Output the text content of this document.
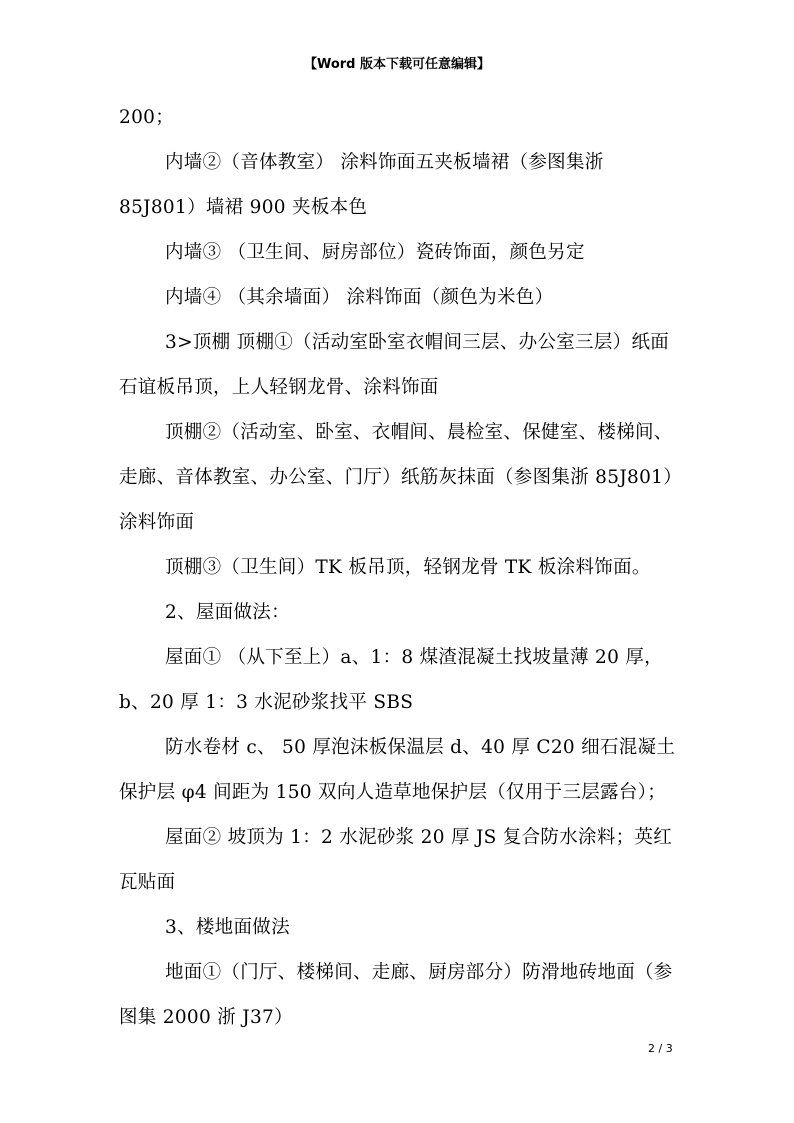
【Word 版本下载可任意编辑】

200；

内墙②（音体教室） 涂料饰面五夹板墙裙（参图集浙 85J801）墙裙 900 夹板本色

内墙③ （卫生间、厨房部位）瓷砖饰面，颜色另定

内墙④ （其余墙面） 涂料饰面（颜色为米色）

3>顶棚 顶棚①（活动室卧室衣帽间三层、办公室三层）纸面石谊板吊顶，上人轻钢龙骨、涂料饰面

顶棚②（活动室、卧室、衣帽间、晨检室、保健室、楼梯间、走廊、音体教室、办公室、门厅）纸筋灰抹面（参图集浙 85J801）涂料饰面

顶棚③（卫生间）TK 板吊顶，轻钢龙骨 TK 板涂料饰面。

2、屋面做法：

屋面① （从下至上）a、1：8 煤渣混凝土找坡量薄 20 厚，b、20 厚 1：3 水泥砂浆找平 SBS

防水卷材 c、 50 厚泡沫板保温层 d、40 厚 C20 细石混凝土保护层 φ4 间距为 150 双向人造草地保护层（仅用于三层露台）；

屋面② 坡顶为 1：2 水泥砂浆 20 厚 JS 复合防水涂料；英红瓦贴面

3、楼地面做法

地面①（门厅、楼梯间、走廊、厨房部分）防滑地砖地面（参图集 2000 浙 J37）

2 / 3
